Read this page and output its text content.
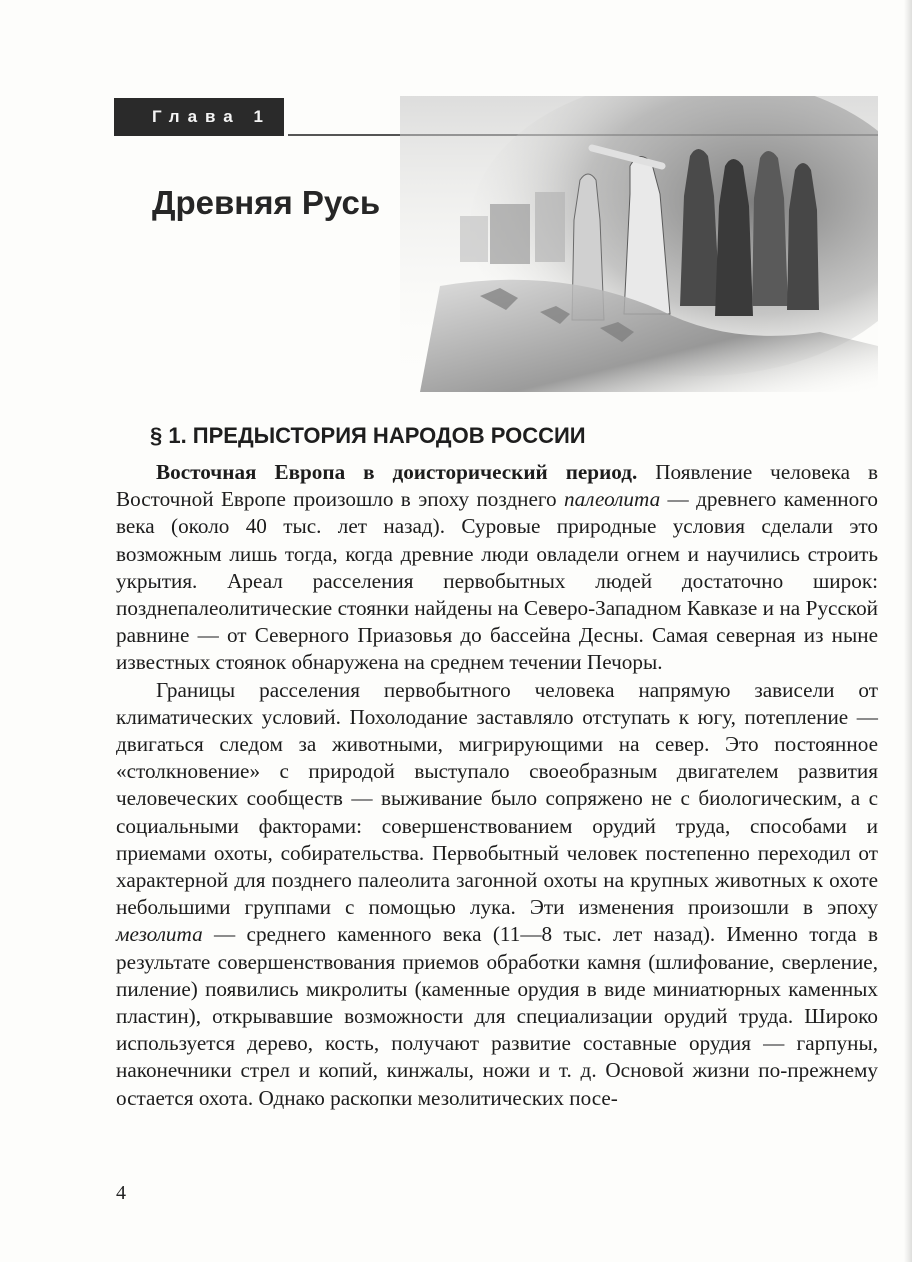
Глава 1
Древняя Русь
§ 1. ПРЕДЫСТОРИЯ НАРОДОВ РОССИИ

Восточная Европа в доисторический период. Появление человека в Восточной Европе произошло в эпоху позднего палеолита — древнего каменного века (около 40 тыс. лет назад). Суровые природные условия сделали это возможным лишь тогда, когда древние люди овладели огнем и научились строить укрытия. Ареал расселения первобытных людей достаточно широк: позднепалеолитические стоянки найдены на Северо-Западном Кавказе и на Русской равнине — от Северного Приазовья до бассейна Десны. Самая северная из ныне известных стоянок обнаружена на среднем течении Печоры.

Границы расселения первобытного человека напрямую зависели от климатических условий. Похолодание заставляло отступать к югу, потепление — двигаться следом за животными, мигрирующими на север. Это постоянное «столкновение» с природой выступало своеобразным двигателем развития человеческих сообществ — выживание было сопряжено не с биологическим, а с социальными факторами: совершенствованием орудий труда, способами и приемами охоты, собирательства. Первобытный человек постепенно переходил от характерной для позднего палеолита загонной охоты на крупных животных к охоте небольшими группами с помощью лука. Эти изменения произошли в эпоху мезолита — среднего каменного века (11—8 тыс. лет назад). Именно тогда в результате совершенствования приемов обработки камня (шлифование, сверление, пиление) появились микролиты (каменные орудия в виде миниатюрных каменных пластин), открывавшие возможности для специализации орудий труда. Широко используется дерево, кость, получают развитие составные орудия — гарпуны, наконечники стрел и копий, кинжалы, ножи и т. д. Основой жизни по-прежнему остается охота. Однако раскопки мезолитических посе-

4
